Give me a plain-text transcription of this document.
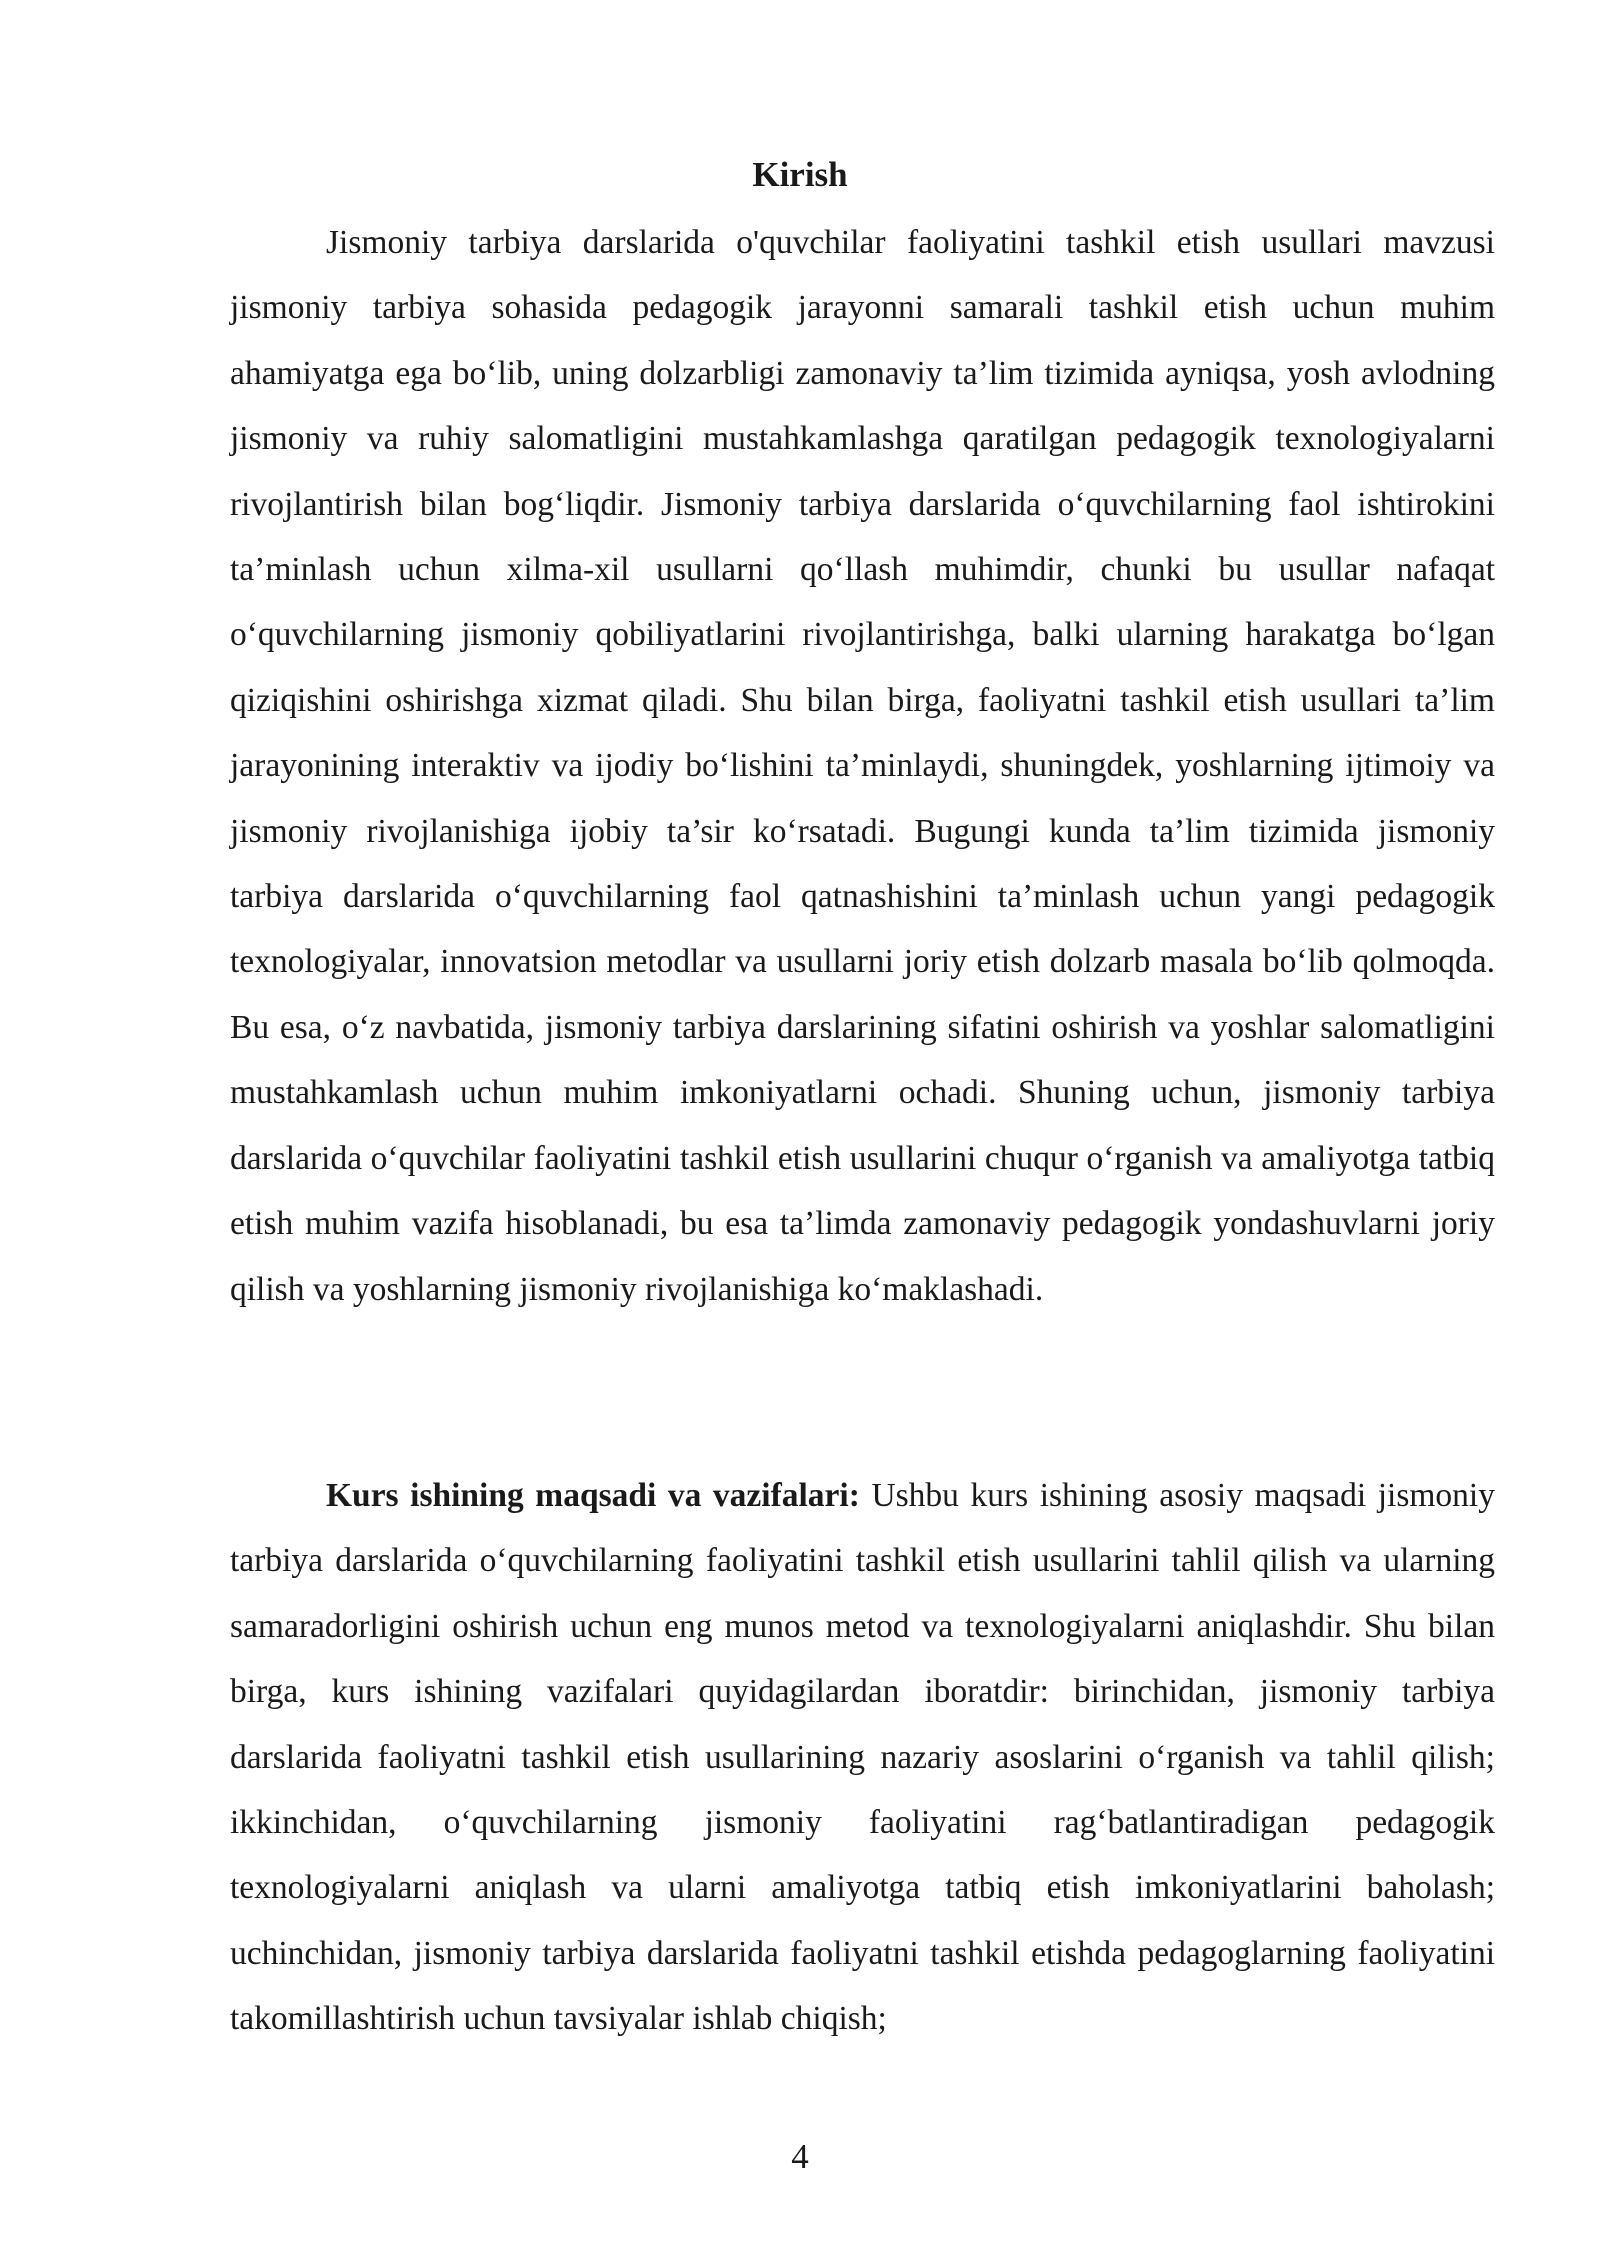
Kirish

Jismoniy tarbiya darslarida o'quvchilar faoliyatini tashkil etish usullari mavzusi jismoniy tarbiya sohasida pedagogik jarayonni samarali tashkil etish uchun muhim ahamiyatga ega bo‘lib, uning dolzarbligi zamonaviy ta’lim tizimida ayniqsa, yosh avlodning jismoniy va ruhiy salomatligini mustahkamlashga qaratilgan pedagogik texnologiyalarni rivojlantirish bilan bog‘liqdir. Jismoniy tarbiya darslarida o‘quvchilarning faol ishtirokini ta’minlash uchun xilma-xil usullarni qo‘llash muhimdir, chunki bu usullar nafaqat o‘quvchilarning jismoniy qobiliyatlarini rivojlantirishga, balki ularning harakatga bo‘lgan qiziqishini oshirishga xizmat qiladi. Shu bilan birga, faoliyatni tashkil etish usullari ta’lim jarayonining interaktiv va ijodiy bo‘lishini ta’minlaydi, shuningdek, yoshlarning ijtimoiy va jismoniy rivojlanishiga ijobiy ta’sir ko‘rsatadi. Bugungi kunda ta’lim tizimida jismoniy tarbiya darslarida o‘quvchilarning faol qatnashishini ta’minlash uchun yangi pedagogik texnologiyalar, innovatsion metodlar va usullarni joriy etish dolzarb masala bo‘lib qolmoqda. Bu esa, o‘z navbatida, jismoniy tarbiya darslarining sifatini oshirish va yoshlar salomatligini mustahkamlash uchun muhim imkoniyatlarni ochadi. Shuning uchun, jismoniy tarbiya darslarida o‘quvchilar faoliyatini tashkil etish usullarini chuqur o‘rganish va amaliyotga tatbiq etish muhim vazifa hisoblanadi, bu esa ta’limda zamonaviy pedagogik yondashuvlarni joriy qilish va yoshlarning jismoniy rivojlanishiga ko‘maklashadi.

Kurs ishining maqsadi va vazifalari: Ushbu kurs ishining asosiy maqsadi jismoniy tarbiya darslarida o‘quvchilarning faoliyatini tashkil etish usullarini tahlil qilish va ularning samaradorligini oshirish uchun eng munos metod va texnologiyalarni aniqlashdir. Shu bilan birga, kurs ishining vazifalari quyidagilardan iboratdir: birinchidan, jismoniy tarbiya darslarida faoliyatni tashkil etish usullarining nazariy asoslarini o‘rganish va tahlil qilish; ikkinchidan, o‘quvchilarning jismoniy faoliyatini rag‘batlantiradigan pedagogik texnologiyalarni aniqlash va ularni amaliyotga tatbiq etish imkoniyatlarini baholash; uchinchidan, jismoniy tarbiya darslarida faoliyatni tashkil etishda pedagoglarning faoliyatini takomillashtirish uchun tavsiyalar ishlab chiqish;

4
